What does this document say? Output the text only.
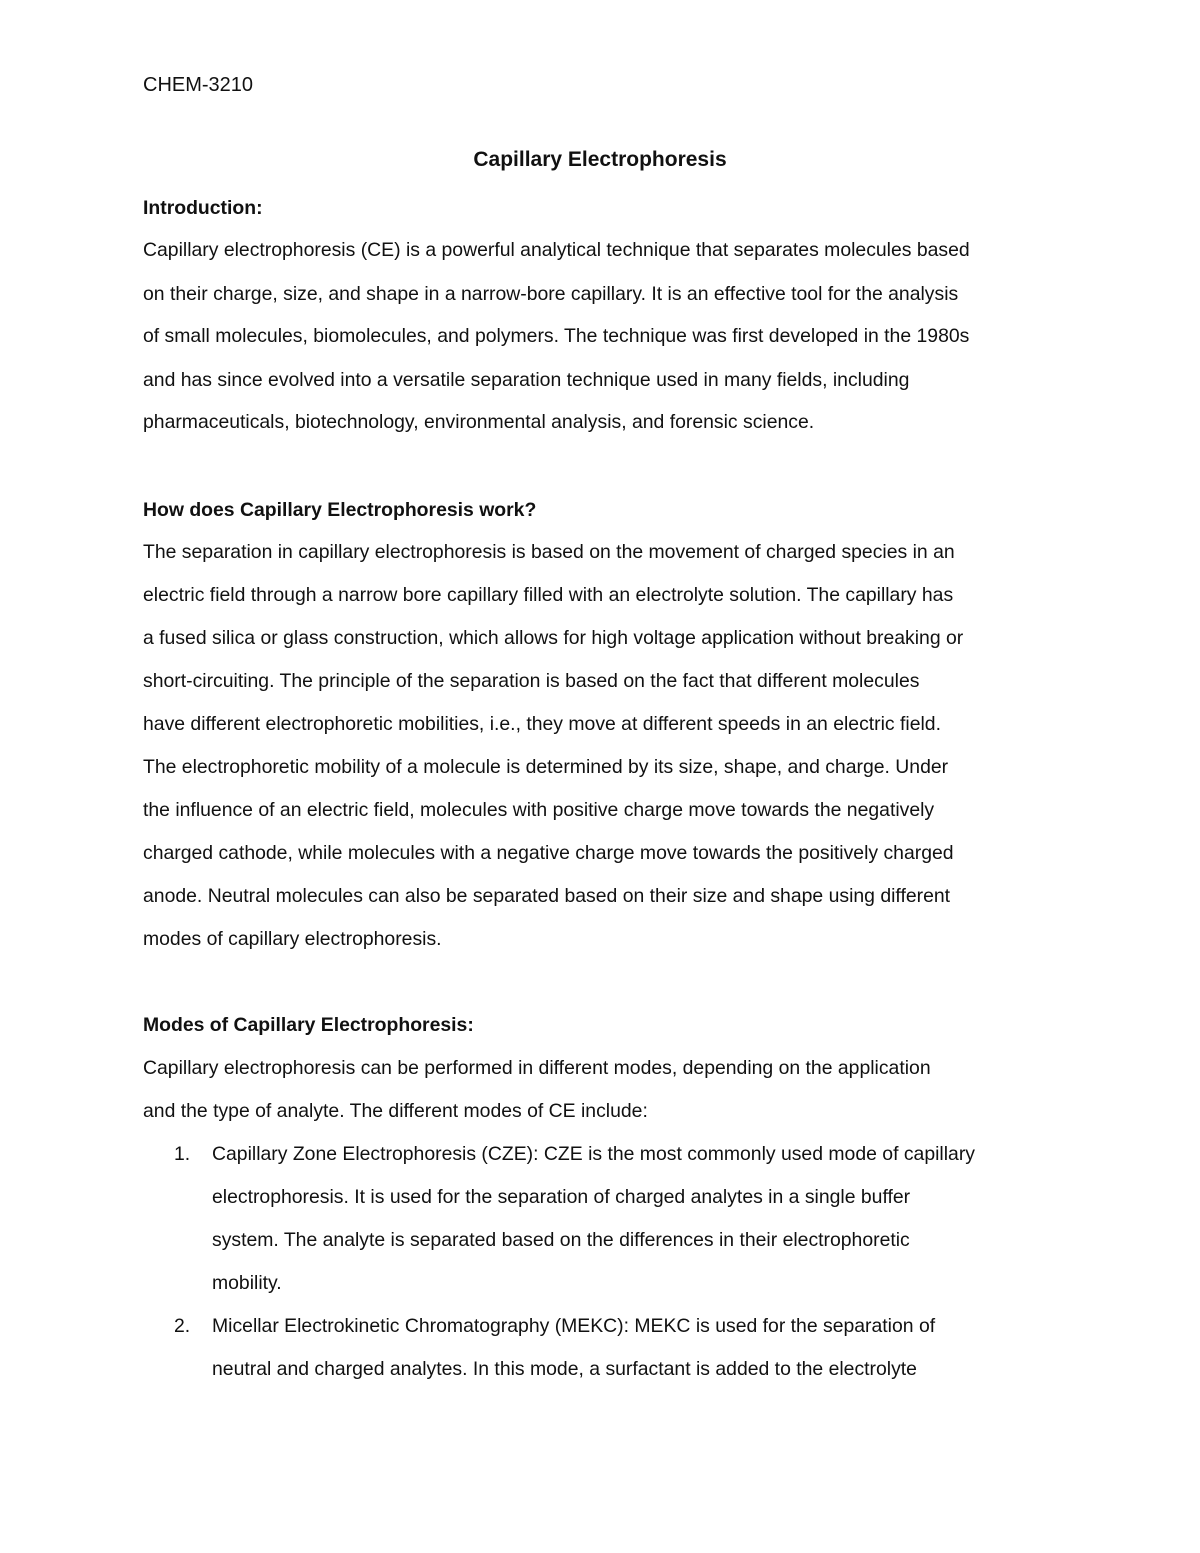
CHEM-3210
Capillary Electrophoresis
Introduction:
Capillary electrophoresis (CE) is a powerful analytical technique that separates molecules based
on their charge, size, and shape in a narrow-bore capillary. It is an effective tool for the analysis
of small molecules, biomolecules, and polymers. The technique was first developed in the 1980s
and has since evolved into a versatile separation technique used in many fields, including
pharmaceuticals, biotechnology, environmental analysis, and forensic science.
How does Capillary Electrophoresis work?
The separation in capillary electrophoresis is based on the movement of charged species in an
electric field through a narrow bore capillary filled with an electrolyte solution. The capillary has
a fused silica or glass construction, which allows for high voltage application without breaking or
short-circuiting. The principle of the separation is based on the fact that different molecules
have different electrophoretic mobilities, i.e., they move at different speeds in an electric field.
The electrophoretic mobility of a molecule is determined by its size, shape, and charge. Under
the influence of an electric field, molecules with positive charge move towards the negatively
charged cathode, while molecules with a negative charge move towards the positively charged
anode. Neutral molecules can also be separated based on their size and shape using different
modes of capillary electrophoresis.
Modes of Capillary Electrophoresis:
Capillary electrophoresis can be performed in different modes, depending on the application
and the type of analyte. The different modes of CE include:
1. Capillary Zone Electrophoresis (CZE): CZE is the most commonly used mode of capillary
electrophoresis. It is used for the separation of charged analytes in a single buffer
system. The analyte is separated based on the differences in their electrophoretic
mobility.
2. Micellar Electrokinetic Chromatography (MEKC): MEKC is used for the separation of
neutral and charged analytes. In this mode, a surfactant is added to the electrolyte
